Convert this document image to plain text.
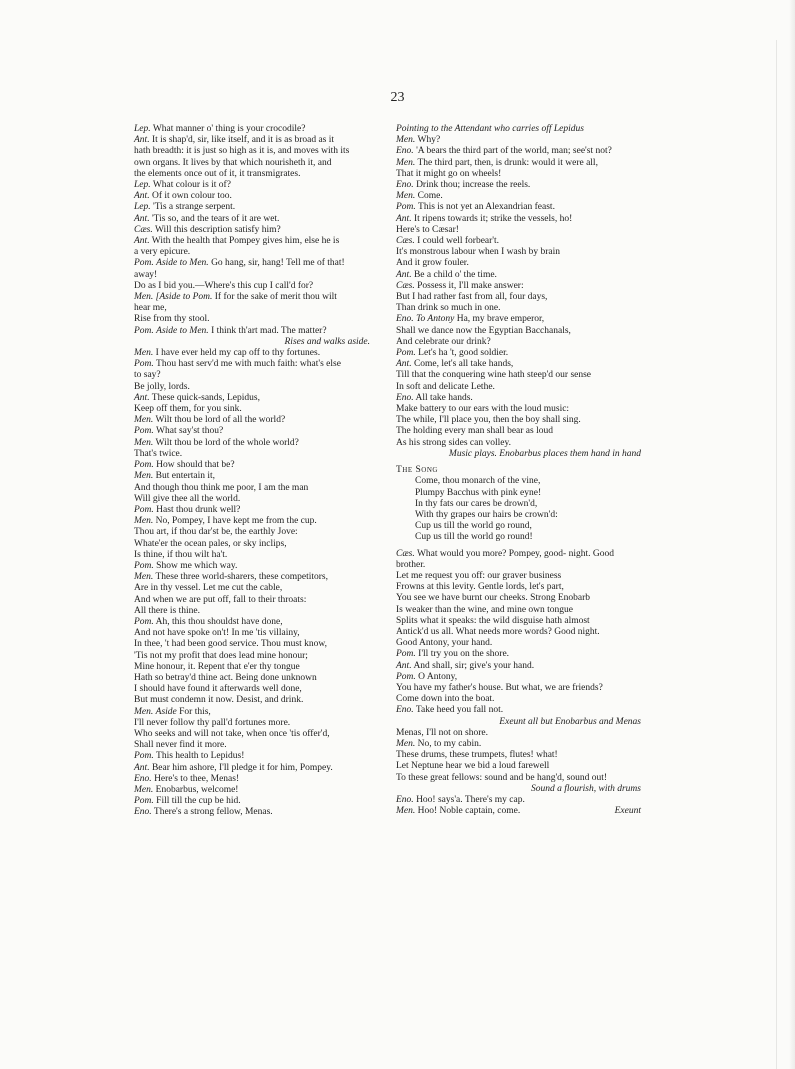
23
Lep. What manner o' thing is your crocodile?
Ant. It is shap'd, sir, like itself, and it is as broad as it
hath breadth: it is just so high as it is, and moves with its
own organs. It lives by that which nourisheth it, and
the elements once out of it, it transmigrates.
Lep. What colour is it of?
Ant. Of it own colour too.
Lep. 'Tis a strange serpent.
Ant. 'Tis so, and the tears of it are wet.
Cæs. Will this description satisfy him?
Ant. With the health that Pompey gives him, else he is
a very epicure.
Pom. Aside to Men. Go hang, sir, hang! Tell me of that!
away!
Do as I bid you.—Where's this cup I call'd for?
Men. [Aside to Pom. If for the sake of merit thou wilt
hear me,
Rise from thy stool.
Pom. Aside to Men. I think th'art mad. The matter?
Rises and walks aside.
Men. I have ever held my cap off to thy fortunes.
Pom. Thou hast serv'd me with much faith: what's else
to say?
Be jolly, lords.
Ant. These quick-sands, Lepidus,
Keep off them, for you sink.
Men. Wilt thou be lord of all the world?
Pom. What say'st thou?
Men. Wilt thou be lord of the whole world?
That's twice.
Pom. How should that be?
Men. But entertain it,
And though thou think me poor, I am the man
Will give thee all the world.
Pom. Hast thou drunk well?
Men. No, Pompey, I have kept me from the cup.
Thou art, if thou dar'st be, the earthly Jove:
Whate'er the ocean pales, or sky inclips,
Is thine, if thou wilt ha't.
Pom. Show me which way.
Men. These three world-sharers, these competitors,
Are in thy vessel. Let me cut the cable,
And when we are put off, fall to their throats:
All there is thine.
Pom. Ah, this thou shouldst have done,
And not have spoke on't! In me 'tis villainy,
In thee, 't had been good service. Thou must know,
'Tis not my profit that does lead mine honour;
Mine honour, it. Repent that e'er thy tongue
Hath so betray'd thine act. Being done unknown
I should have found it afterwards well done,
But must condemn it now. Desist, and drink.
Men. Aside For this,
I'll never follow thy pall'd fortunes more.
Who seeks and will not take, when once 'tis offer'd,
Shall never find it more.
Pom. This health to Lepidus!
Ant. Bear him ashore, I'll pledge it for him, Pompey.
Eno. Here's to thee, Menas!
Men. Enobarbus, welcome!
Pom. Fill till the cup be hid.
Eno. There's a strong fellow, Menas.
Pointing to the Attendant who carries off Lepidus
Men. Why?
Eno. 'A bears the third part of the world, man; see'st not?
Men. The third part, then, is drunk: would it were all,
That it might go on wheels!
Eno. Drink thou; increase the reels.
Men. Come.
Pom. This is not yet an Alexandrian feast.
Ant. It ripens towards it; strike the vessels, ho!
Here's to Cæsar!
Cæs. I could well forbear't.
It's monstrous labour when I wash by brain
And it grow fouler.
Ant. Be a child o' the time.
Cæs. Possess it, I'll make answer:
But I had rather fast from all, four days,
Than drink so much in one.
Eno. To Antony Ha, my brave emperor,
Shall we dance now the Egyptian Bacchanals,
And celebrate our drink?
Pom. Let's ha 't, good soldier.
Ant. Come, let's all take hands,
Till that the conquering wine hath steep'd our sense
In soft and delicate Lethe.
Eno. All take hands.
Make battery to our ears with the loud music:
The while, I'll place you, then the boy shall sing.
The holding every man shall bear as loud
As his strong sides can volley.
Music plays. Enobarbus places them hand in hand
The Song
Come, thou monarch of the vine,
Plumpy Bacchus with pink eyne!
In thy fats our cares be drown'd,
With thy grapes our hairs be crown'd:
Cup us till the world go round,
Cup us till the world go round!
Cæs. What would you more? Pompey, good- night. Good
brother.
Let me request you off: our graver business
Frowns at this levity. Gentle lords, let's part,
You see we have burnt our cheeks. Strong Enobarb
Is weaker than the wine, and mine own tongue
Splits what it speaks: the wild disguise hath almost
Antick'd us all. What needs more words? Good night.
Good Antony, your hand.
Pom. I'll try you on the shore.
Ant. And shall, sir; give's your hand.
Pom. O Antony,
You have my father's house. But what, we are friends?
Come down into the boat.
Eno. Take heed you fall not.
Exeunt all but Enobarbus and Menas
Menas, I'll not on shore.
Men. No, to my cabin.
These drums, these trumpets, flutes! what!
Let Neptune hear we bid a loud farewell
To these great fellows: sound and be hang'd, sound out!
Sound a flourish, with drums
Eno. Hoo! says'a. There's my cap.
Men. Hoo! Noble captain, come.	Exeunt
